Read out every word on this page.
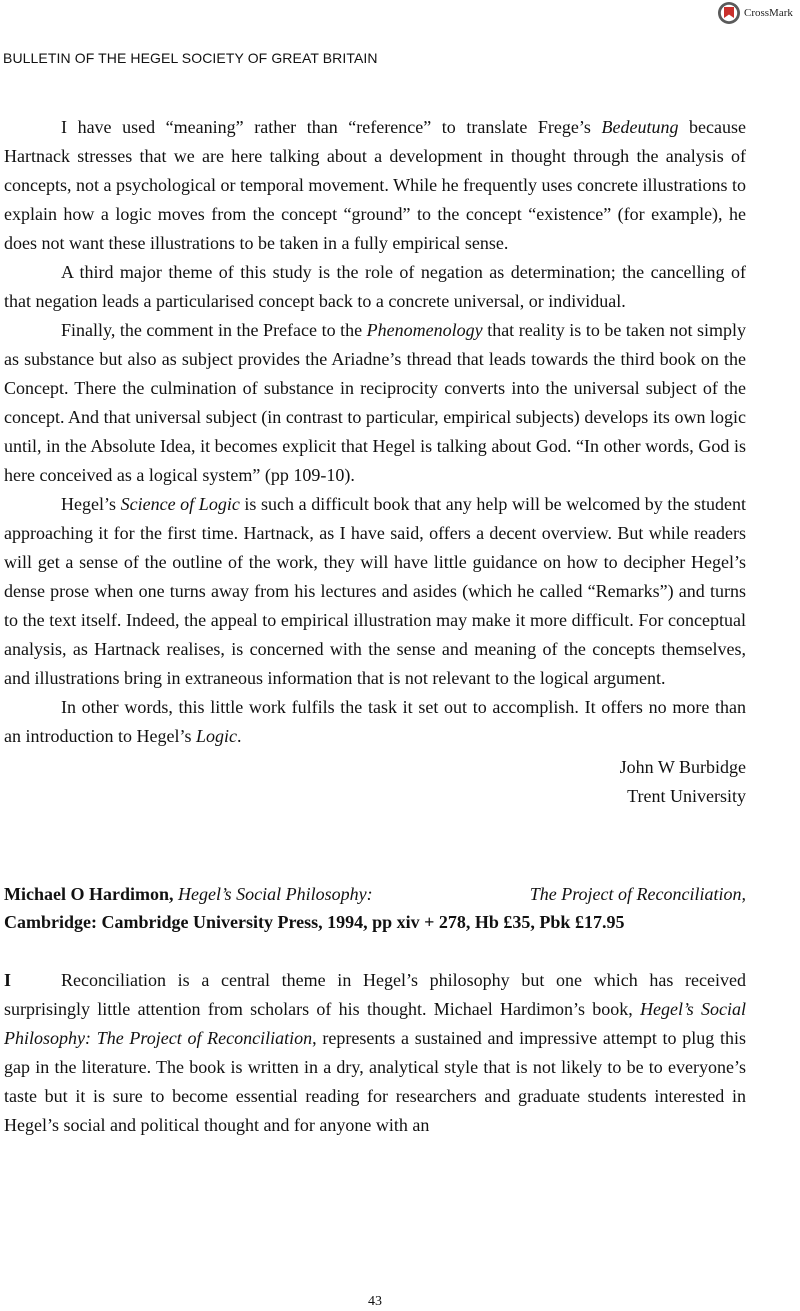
CrossMark
BULLETIN OF THE HEGEL SOCIETY OF GREAT BRITAIN

I have used “meaning” rather than “reference” to translate Frege’s Bedeutung because Hartnack stresses that we are here talking about a development in thought through the analysis of concepts, not a psychological or temporal movement. While he frequently uses concrete illustrations to explain how a logic moves from the concept “ground” to the concept “existence” (for example), he does not want these illustrations to be taken in a fully empirical sense.

A third major theme of this study is the role of negation as determination; the cancelling of that negation leads a particularised concept back to a concrete universal, or individual.

Finally, the comment in the Preface to the Phenomenology that reality is to be taken not simply as substance but also as subject provides the Ariadne’s thread that leads towards the third book on the Concept. There the culmination of substance in reciprocity converts into the universal subject of the concept. And that universal subject (in contrast to particular, empirical subjects) develops its own logic until, in the Absolute Idea, it becomes explicit that Hegel is talking about God. “In other words, God is here conceived as a logical system” (pp 109-10).

Hegel’s Science of Logic is such a difficult book that any help will be welcomed by the student approaching it for the first time. Hartnack, as I have said, offers a decent overview. But while readers will get a sense of the outline of the work, they will have little guidance on how to decipher Hegel’s dense prose when one turns away from his lectures and asides (which he called “Remarks”) and turns to the text itself. Indeed, the appeal to empirical illustration may make it more difficult. For conceptual analysis, as Hartnack realises, is concerned with the sense and meaning of the concepts themselves, and illustrations bring in extraneous information that is not relevant to the logical argument.

In other words, this little work fulfils the task it set out to accomplish. It offers no more than an introduction to Hegel’s Logic.

John W Burbidge
Trent University
Michael O Hardimon, Hegel’s Social Philosophy:	The Project of Reconciliation,
Cambridge: Cambridge University Press, 1994, pp xiv + 278, Hb £35, Pbk £17.95

I	Reconciliation is a central theme in Hegel’s philosophy but one which has received surprisingly little attention from scholars of his thought. Michael Hardimon’s book, Hegel’s Social Philosophy: The Project of Reconciliation, represents a sustained and impressive attempt to plug this gap in the literature. The book is written in a dry, analytical style that is not likely to be to everyone’s taste but it is sure to become essential reading for researchers and graduate students interested in Hegel’s social and political thought and for anyone with an

43
